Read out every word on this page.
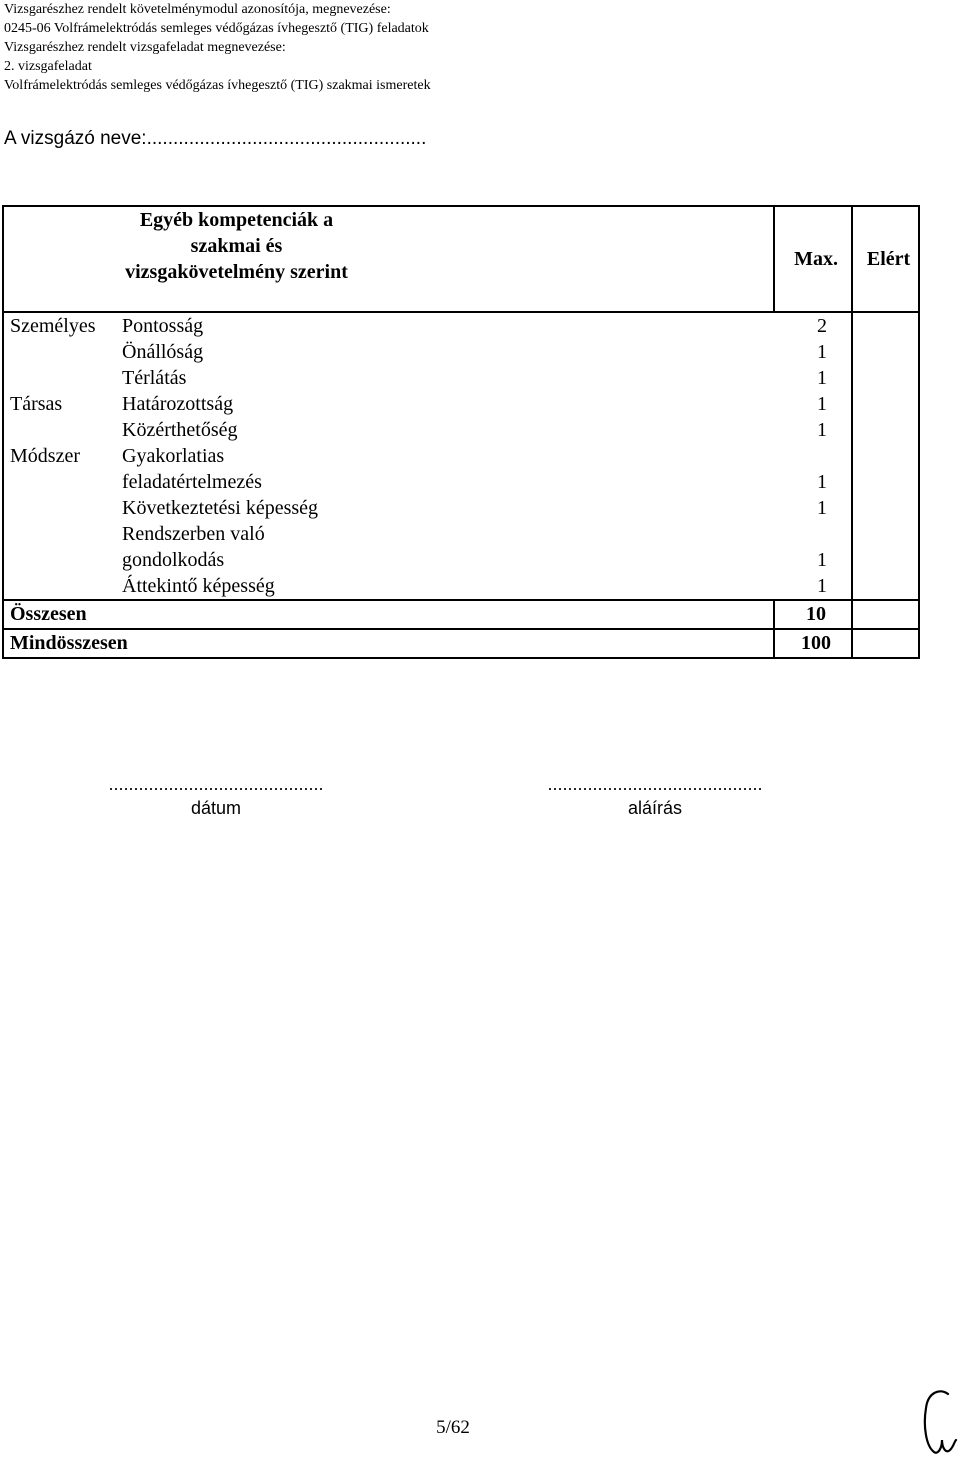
Vizsgarészhez rendelt követelménymodul azonosítója, megnevezése:
0245-06 Volfrámelektródás semleges védőgázas ívhegesztő (TIG) feladatok
Vizsgarészhez rendelt vizsgafeladat megnevezése:
2. vizsgafeladat
Volfrámelektródás semleges védőgázas ívhegesztő (TIG) szakmai ismeretek
A vizsgázó neve:.....................................................
Egyéb kompetenciák a szakmai és vizsgakövetelmény szerint			Max.	Elért
Személyes	Pontosság		2	
	Önállóság		1	
	Térlátás		1	
Társas	Határozottság		1	
	Közérthetőség		1	
Módszer	Gyakorlatias feladatértelmezés		1	
	Következtetési képesség		1	
	Rendszerben való gondolkodás		1	
	Áttekintő képesség		1	
Összesen			10	
Mindösszesen			100	
...........................................
dátum
...........................................
aláírás
5/62
